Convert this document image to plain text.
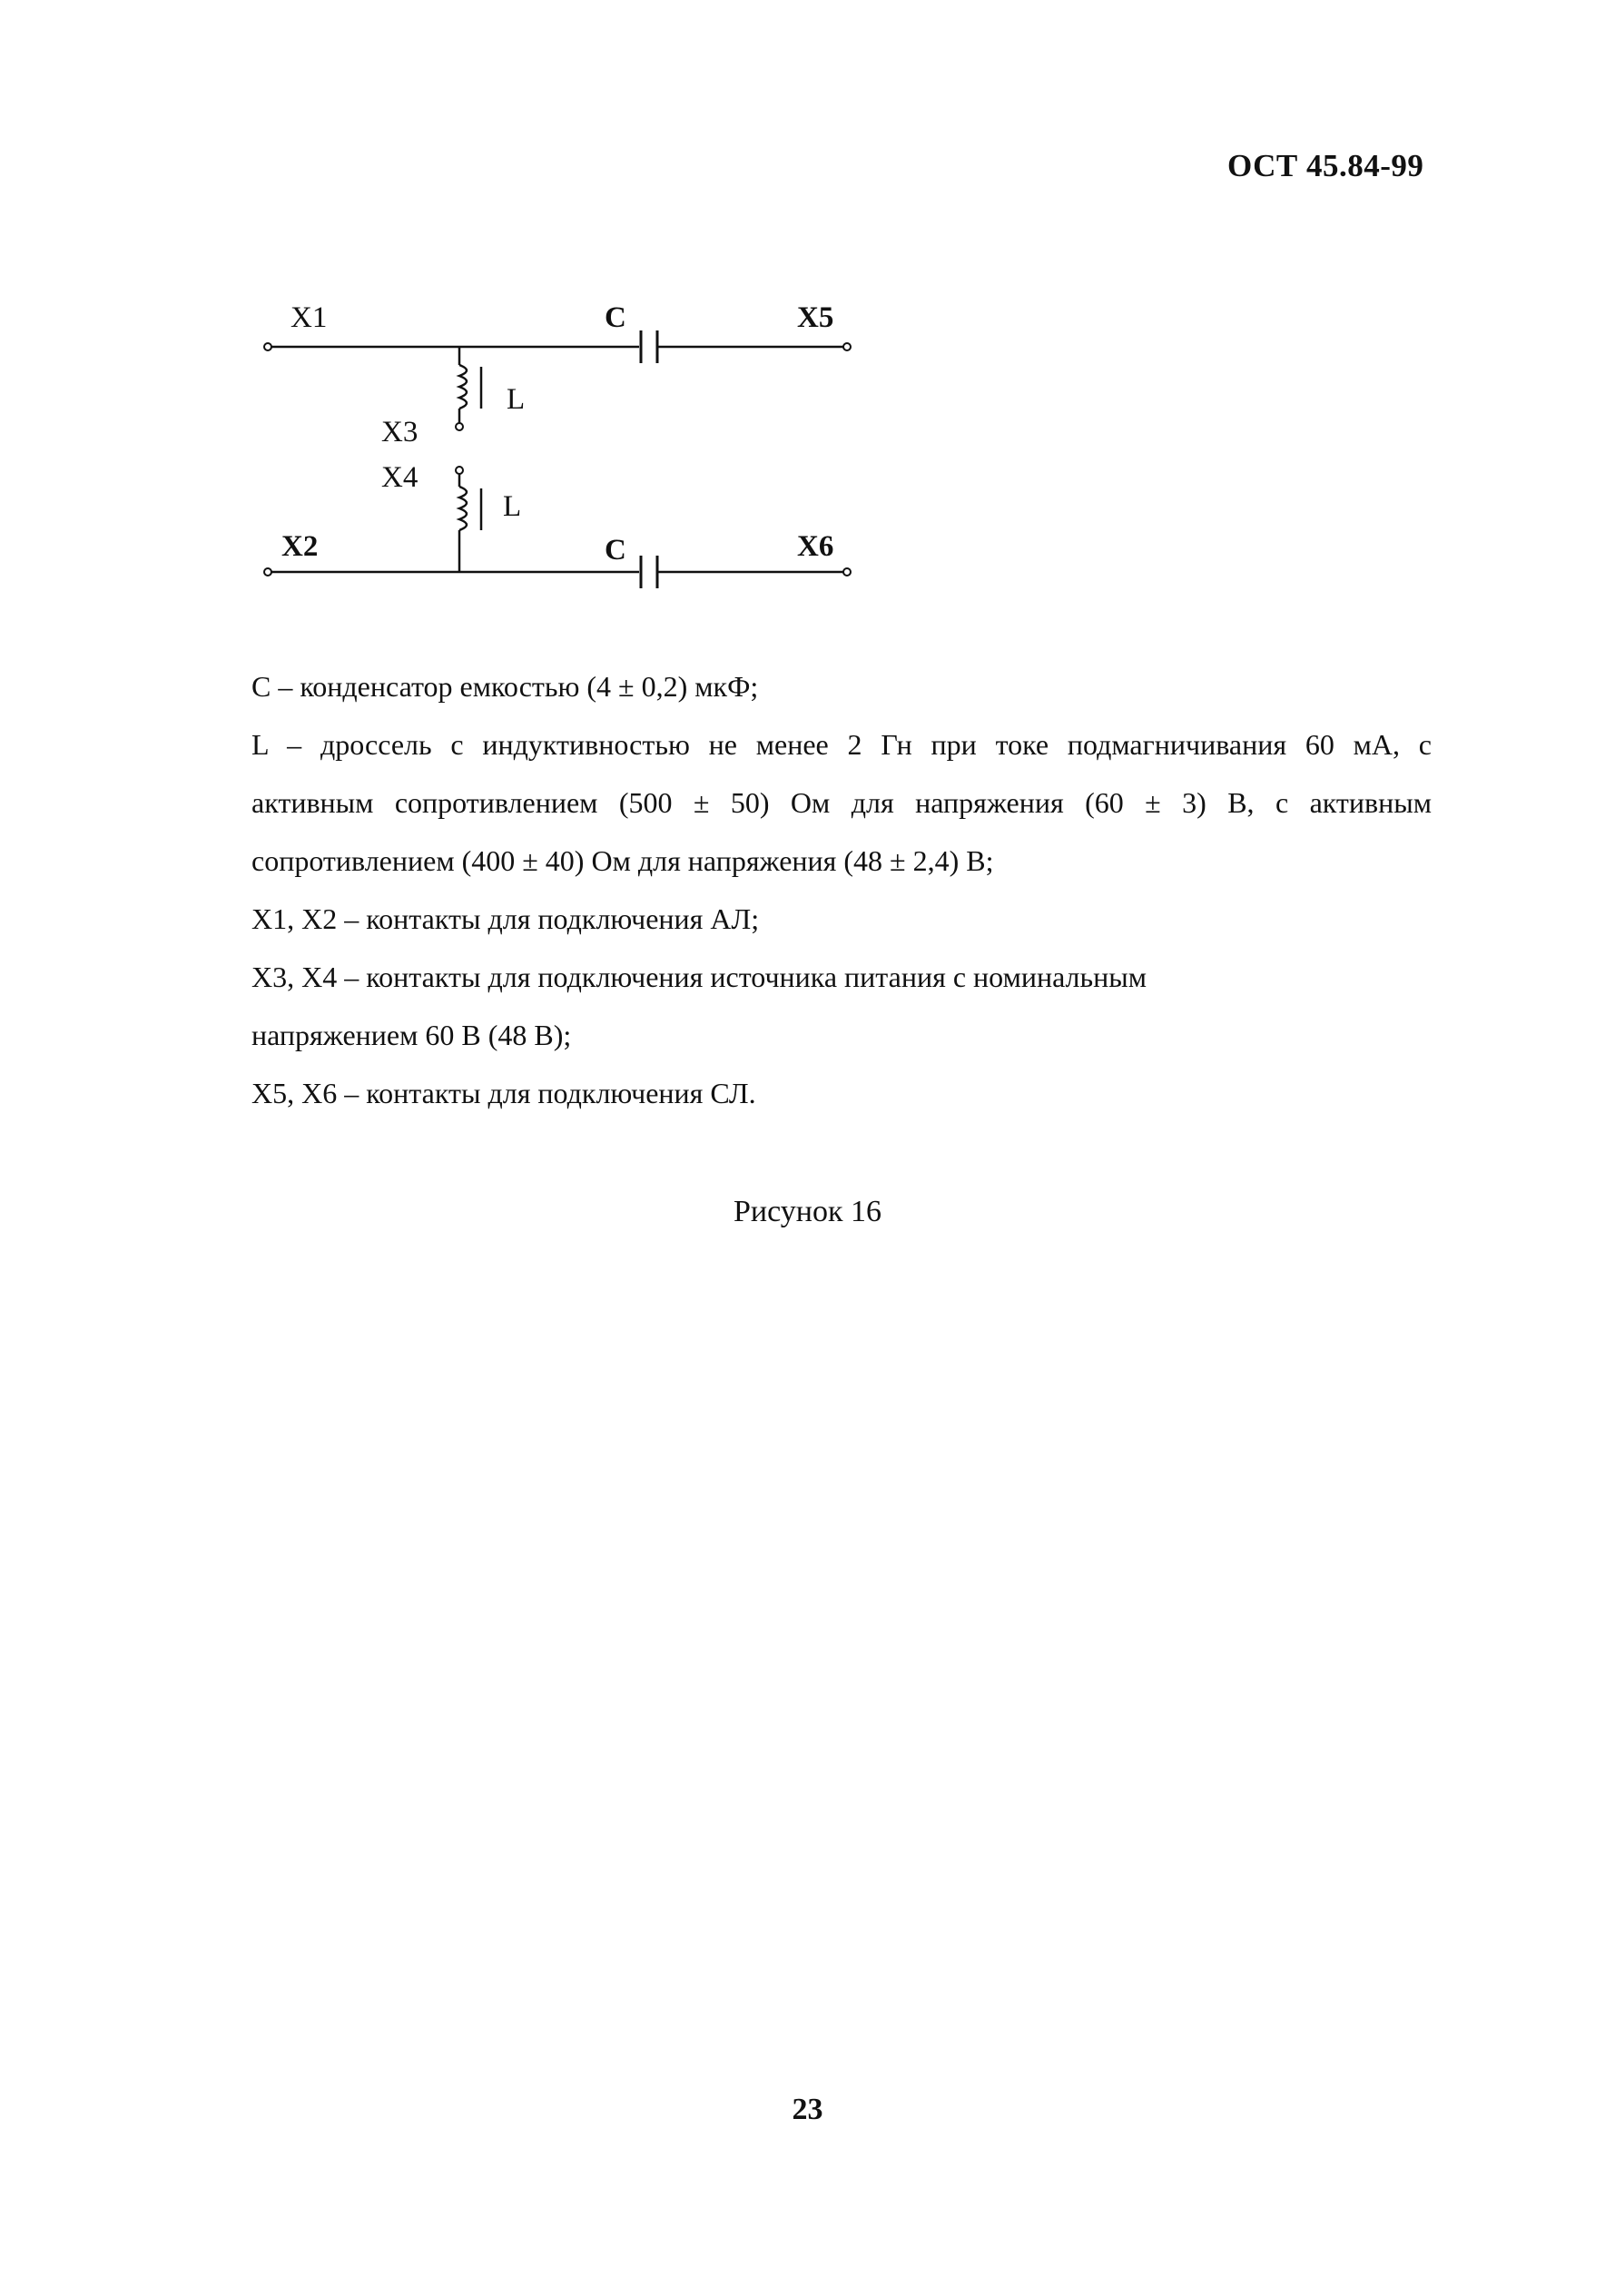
ОСТ 45.84-99
X1	C	X5
L
X3
X4
L
X2	C	X6

С – конденсатор емкостью (4 ± 0,2) мкФ;

L – дроссель с индуктивностью не менее 2 Гн при токе подмагничивания 60 мА, с

активным сопротивлением (500 ± 50) Ом для напряжения (60 ± 3) В, с активным

сопротивлением (400 ± 40) Ом для напряжения (48 ± 2,4) В;

X1, X2 – контакты для подключения АЛ;

X3, X4 – контакты для подключения источника питания с номинальным

напряжением 60 В (48 В);

X5, X6 – контакты для подключения СЛ.

Рисунок 16
23
